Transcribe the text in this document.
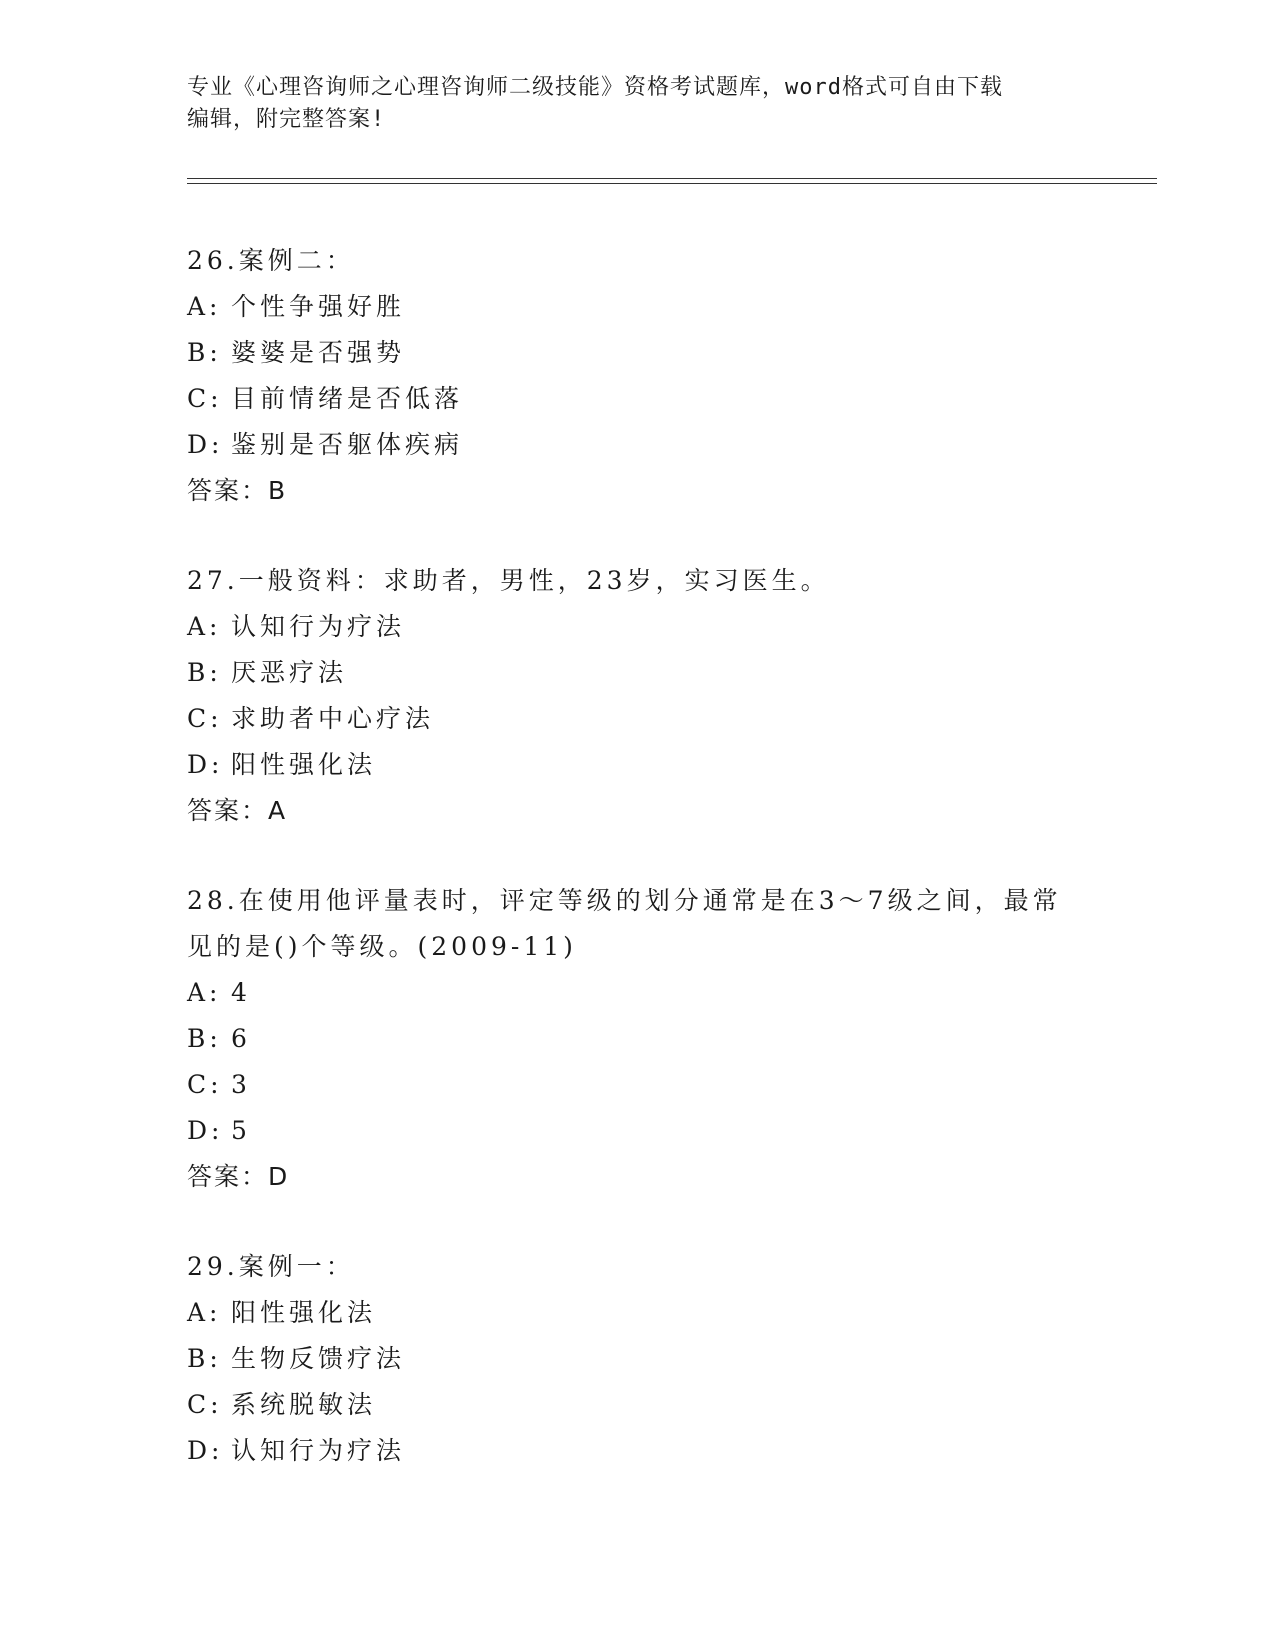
专业《心理咨询师之心理咨询师二级技能》资格考试题库，word格式可自由下载
编辑，附完整答案!
26.案例二：
A: 个性争强好胜
B: 婆婆是否强势
C: 目前情绪是否低落
D: 鉴别是否躯体疾病
答案：B
27.一般资料：求助者，男性，23岁，实习医生。
A: 认知行为疗法
B: 厌恶疗法
C: 求助者中心疗法
D: 阳性强化法
答案：A
28.在使用他评量表时，评定等级的划分通常是在3～7级之间，最常
见的是()个等级。(2009-11)
A: 4
B: 6
C: 3
D: 5
答案：D
29.案例一：
A: 阳性强化法
B: 生物反馈疗法
C: 系统脱敏法
D: 认知行为疗法
